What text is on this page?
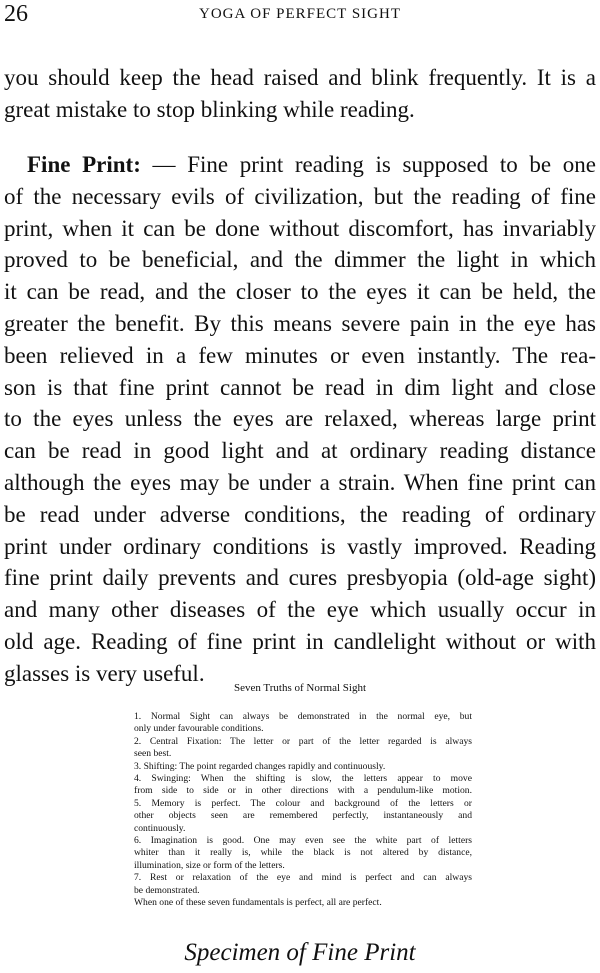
26	YOGA OF PERFECT SIGHT
you should keep the head raised and blink frequently. It is a
great mistake to stop blinking while reading.
 Fine Print: — Fine print reading is supposed to be one
of the necessary evils of civilization, but the reading of fine
print, when it can be done without discomfort, has invariably
proved to be beneficial, and the dimmer the light in which
it can be read, and the closer to the eyes it can be held, the
greater the benefit. By this means severe pain in the eye has
been relieved in a few minutes or even instantly. The rea-
son is that fine print cannot be read in dim light and close
to the eyes unless the eyes are relaxed, whereas large print
can be read in good light and at ordinary reading distance
although the eyes may be under a strain. When fine print can
be read under adverse conditions, the reading of ordinary
print under ordinary conditions is vastly improved. Reading
fine print daily prevents and cures presbyopia (old-age sight)
and many other diseases of the eye which usually occur in
old age. Reading of fine print in candlelight without or with
glasses is very useful.
Seven Truths of Normal Sight
1. Normal Sight can always be demonstrated in the normal eye, but
only under favourable conditions.
2. Central Fixation: The letter or part of the letter regarded is always
seen best.
3. Shifting: The point regarded changes rapidly and continuously.
4. Swinging: When the shifting is slow, the letters appear to move
from side to side or in other directions with a pendulum-like motion.
5. Memory is perfect. The colour and background of the letters or
other objects seen are remembered perfectly, instantaneously and
continuously.
6. Imagination is good. One may even see the white part of letters
whiter than it really is, while the black is not altered by distance,
illumination, size or form of the letters.
7. Rest or relaxation of the eye and mind is perfect and can always
be demonstrated.
When one of these seven fundamentals is perfect, all are perfect.
Specimen of Fine Print
